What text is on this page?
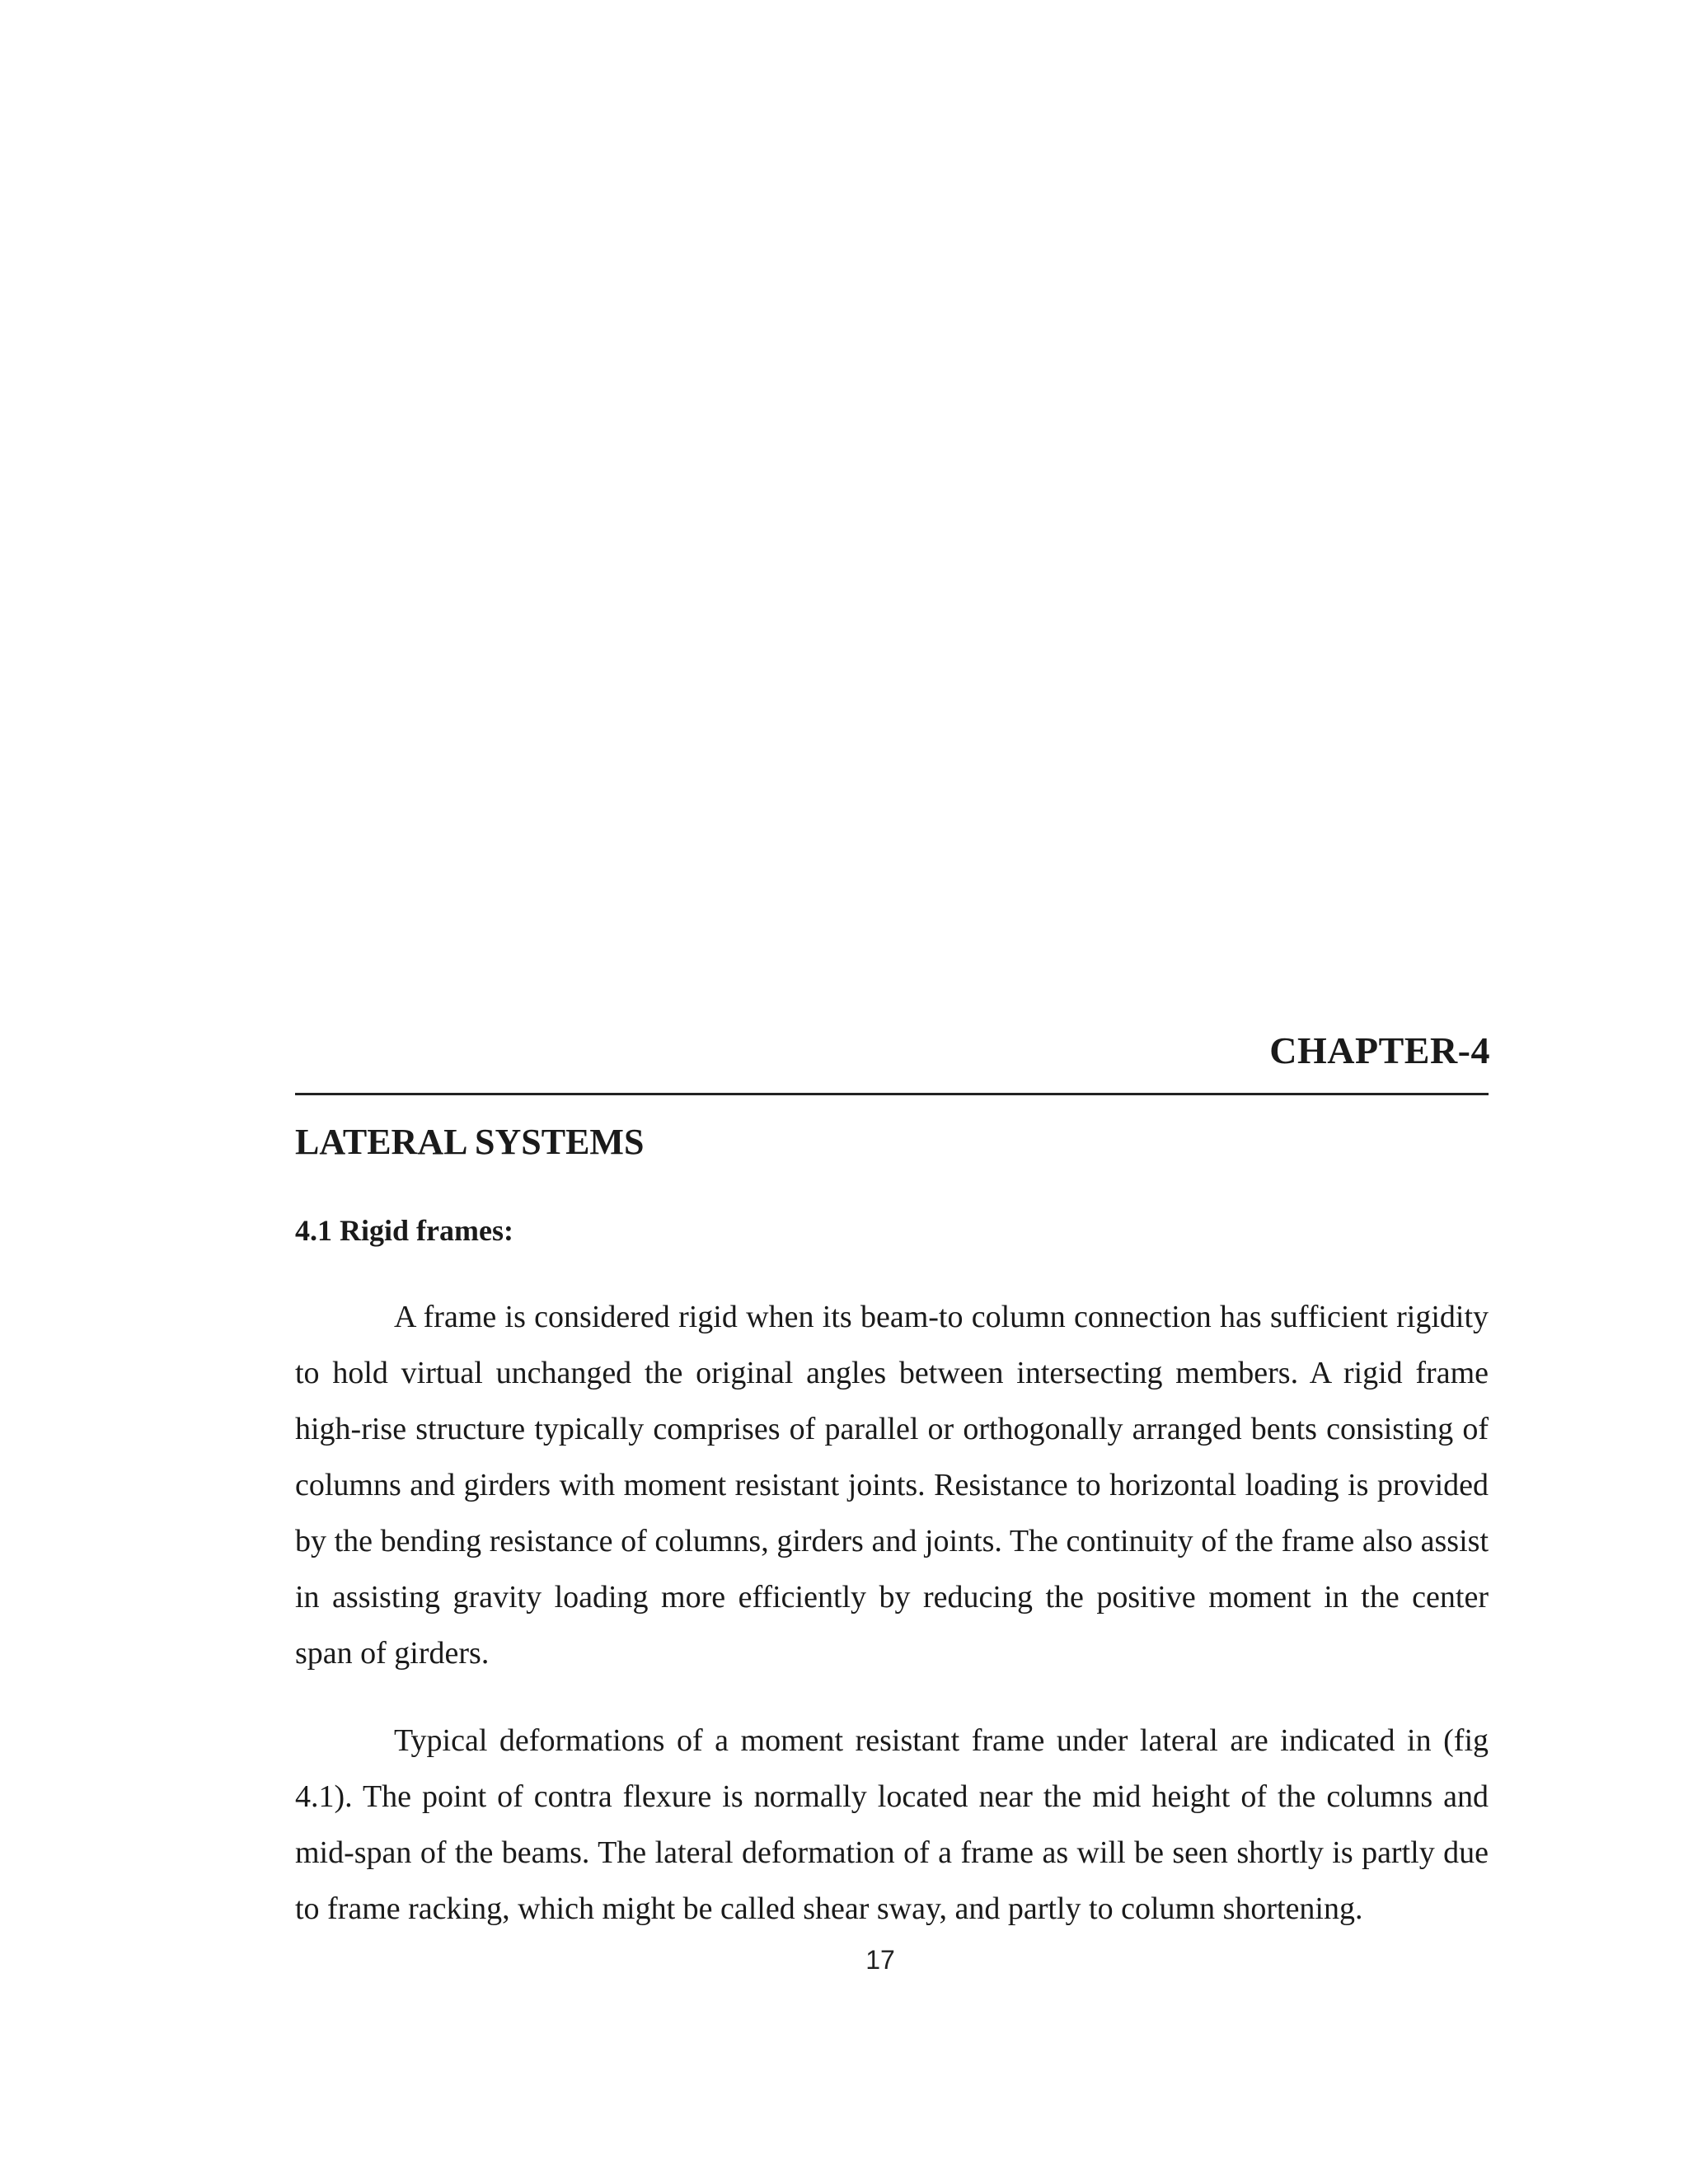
CHAPTER-4
LATERAL SYSTEMS
4.1 Rigid frames:

A frame is considered rigid when its beam-to column connection has sufficient rigidity to hold virtual unchanged the original angles between intersecting members. A rigid frame high-rise structure typically comprises of parallel or orthogonally arranged bents consisting of columns and girders with moment resistant joints. Resistance to horizontal loading is provided by the bending resistance of columns, girders and joints. The continuity of the frame also assist in assisting gravity loading more efficiently by reducing the positive moment in the center span of girders.

Typical deformations of a moment resistant frame under lateral are indicated in (fig 4.1). The point of contra flexure is normally located near the mid height of the columns and mid-span of the beams. The lateral deformation of a frame as will be seen shortly is partly due to frame racking, which might be called shear sway, and partly to column shortening.

17
